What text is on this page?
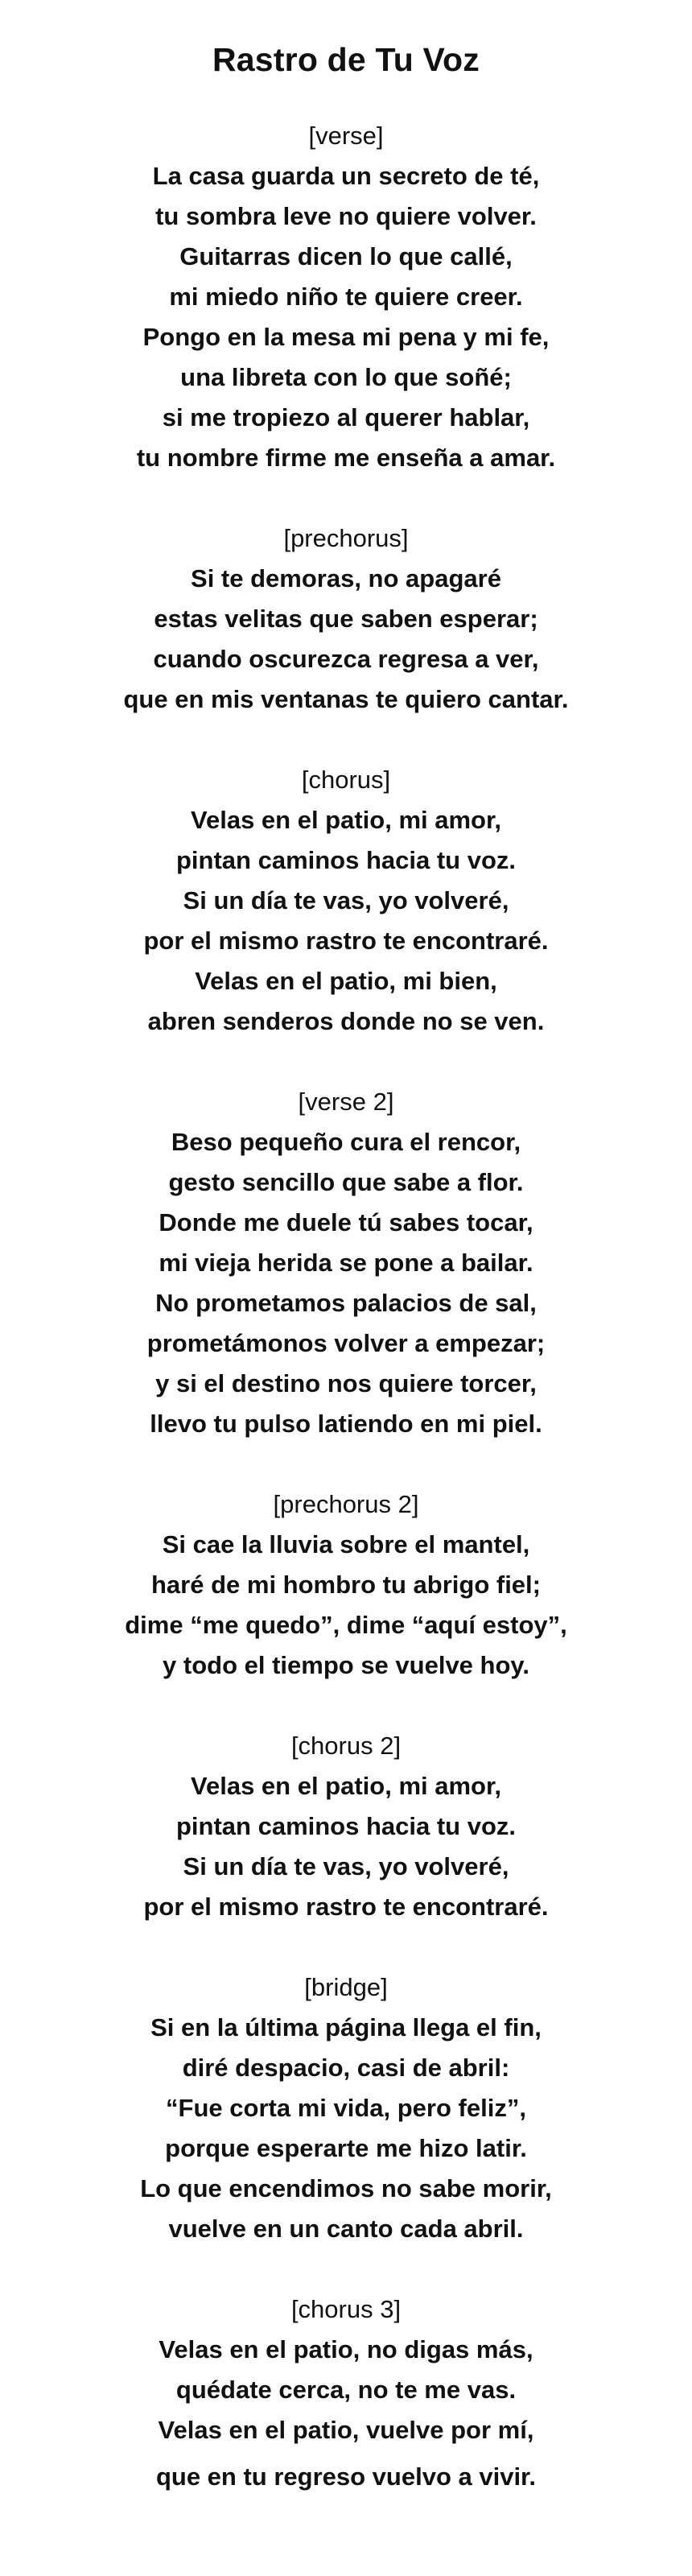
Rastro de Tu Voz

[verse]

La casa guarda un secreto de té,

tu sombra leve no quiere volver.

Guitarras dicen lo que callé,

mi miedo niño te quiere creer.

Pongo en la mesa mi pena y mi fe,

una libreta con lo que soñé;

si me tropiezo al querer hablar,

tu nombre firme me enseña a amar.

[prechorus]

Si te demoras, no apagaré

estas velitas que saben esperar;

cuando oscurezca regresa a ver,

que en mis ventanas te quiero cantar.

[chorus]

Velas en el patio, mi amor,

pintan caminos hacia tu voz.

Si un día te vas, yo volveré,

por el mismo rastro te encontraré.

Velas en el patio, mi bien,

abren senderos donde no se ven.

[verse 2]

Beso pequeño cura el rencor,

gesto sencillo que sabe a flor.

Donde me duele tú sabes tocar,

mi vieja herida se pone a bailar.

No prometamos palacios de sal,

prometámonos volver a empezar;

y si el destino nos quiere torcer,

llevo tu pulso latiendo en mi piel.

[prechorus 2]

Si cae la lluvia sobre el mantel,

haré de mi hombro tu abrigo fiel;

dime “me quedo”, dime “aquí estoy”,

y todo el tiempo se vuelve hoy.

[chorus 2]

Velas en el patio, mi amor,

pintan caminos hacia tu voz.

Si un día te vas, yo volveré,

por el mismo rastro te encontraré.

[bridge]

Si en la última página llega el fin,

diré despacio, casi de abril:

“Fue corta mi vida, pero feliz”,

porque esperarte me hizo latir.

Lo que encendimos no sabe morir,

vuelve en un canto cada abril.

[chorus 3]

Velas en el patio, no digas más,

quédate cerca, no te me vas.

Velas en el patio, vuelve por mí,

que en tu regreso vuelvo a vivir.
